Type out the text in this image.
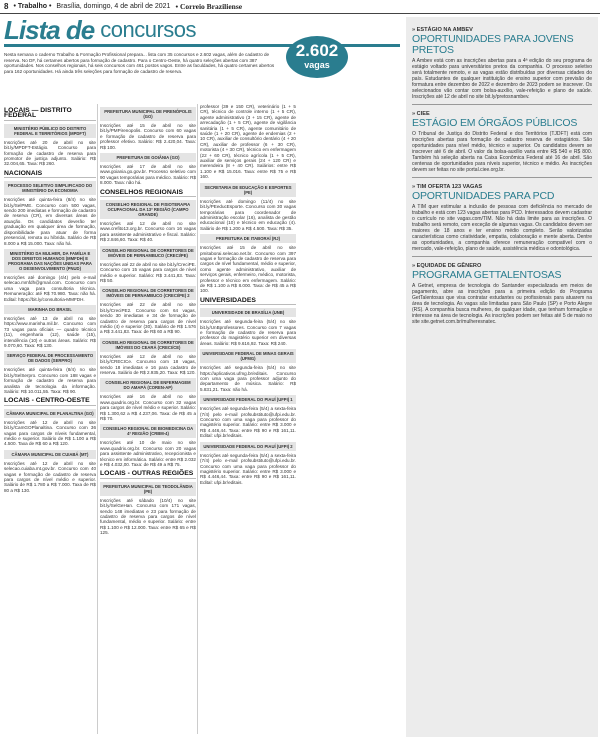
8 • Trabalho • Brasília, domingo, 4 de abril de 2021 • Correio Braziliense
Lista de concursos
2.602
vagas
Nesta semana o caderno Trabalho & Formação Profissional prepara... lista com 35 concursos e 2.602 vagas, além de cadastro de reserva. No DF, há certames abertos para formação de cadastro. Para o Centro-Oeste, há quatro seleções abertas com 387 oportunidades. Nos conselhos regionais, há seis concursos com 461 postos vagos. Entre as faculdades, há quatro certames abertos para 162 oportunidades. Há ainda três seleções para formação de cadastro de reserva.
LOCAIS — DISTRITO FEDERAL
MINISTÉRIO PÚBLICO DO DISTRITO FEDERAL E TERRITÓRIOS (MPDFT)
Inscrições até 20 de abril no site bit.ly/MPDFT-Estágio. Concurso para formação de cadastro de reserva para promotor de justiça adjunto. Salário: R$ 32.004,65. Taxa: R$ 260.
NACIONAIS
PROCESSO SELETIVO SIMPLIFICADO DO MINISTÉRIO DA ECONOMIA
Inscrições até quinta-feira (8/4) no site bit.ly/SelPME. Concurso com 500 vagas, sendo 200 imediatas e formação de cadastro de reserva (CR), em diversas áreas de atuação. Os candidatos deverão ter graduação em qualquer área de formação, disponibilidade para atuar de forma presencial, remota ou híbrida. Salário de R$ 8.000 a R$ 15.000. Taxa: não há.
MINISTÉRIO DA MULHER, DA FAMÍLIA E DOS DIREITOS HUMANOS (MMFDH) E PROGRAMA DAS NAÇÕES UNIDAS PARA O DESENVOLVIMENTO (PNUD)
Inscrições até domingo (4/4) pelo e-mail selecao.mmfdh@gmail.com. Concurso com uma vaga para consultoria técnica. Remuneração: até R$ 70.980. Taxa: não há. Edital: https://bit.ly/consultoria-MMFDH.
MARINHA DO BRASIL
Inscrições até 13 de abril no site https://www.marinha.mil.br. Concurso com 73 vagas para oficiais — quadro técnico (11), engenharia (12), saúde (15), intendência (10) e outras áreas. Salário: R$ 9.070,60. Taxa: R$ 130.
SERVIÇO FEDERAL DE PROCESSAMENTO DE DADOS (SERPRO)
Inscrições até quinta-feira (8/4) no site bit.ly/SelSerpro. Concurso com 188 vagas e formação de cadastro de reserva para analista de tecnologia da informação. Salário: R$ 10.011,55. Taxa: R$ 90.
LOCAIS - CENTRO-OESTE
CÂMARA MUNICIPAL DE PLANALTINA (GO)
Inscrições até 12 de abril no site bit.ly/CamGOPlanaltina. Concurso com 36 vagas para cargos de níveis fundamental, médio e superior. Salário de R$ 1.100 a R$ 4.500. Taxa de R$ 60 a R$ 120.
CÂMARA MUNICIPAL DE CUIABÁ (MT)
Inscrições até 12 de abril no site selecao.cuiaba.mt.gov.br. Concurso com 40 vagas e formação de cadastro de reserva para cargos de nível médio e superior. Salário de R$ 1.780 a R$ 7.000. Taxa de R$ 80 a R$ 130.
PREFEITURA MUNICIPAL DE PIRENÓPOLIS (GO)
Inscrições até 15 de abril no site bit.ly/PMPirenopolis. Concurso com 60 vagas e formação de cadastro de reserva para professor efetivo. Salário: R$ 2.420,04. Taxa: R$ 100.
PREFEITURA DE GOIÂNIA (GO)
Inscrições até 17 de abril no site www.goiania.go.gov.br. Processo seletivo com 90 vagas temporárias para médico. Salário: R$ 8.000. Taxa: não há.
CONSELHOS REGIONAIS
CONSELHO REGIONAL DE FISIOTERAPIA OCUPACIONAL DA 13ª REGIÃO (CAMPO GRANDE)
Inscrições até 12 de abril no site www.crefito13.org.br. Concurso com 16 vagas para assistente administrativo e fiscal. Salário: R$ 2.846,60. Taxa: R$ 40.
CONSELHO REGIONAL DE CORRETORES DE IMÓVEIS DE PERNAMBUCO (CRECI/PE)
Inscrições até 22 de abril no site bit.ly/CreciPE. Concurso com 15 vagas para cargos de nível médio e superior. Salário: R$ 3.441,83. Taxa: R$ 50.
CONSELHO REGIONAL DE CORRETORES DE IMÓVEIS DE PERNAMBUCO (CRECI/PE) 2
Inscrições até 22 de abril no site bit.ly/CreciPE2. Concurso com 64 vagas, sendo 30 imediatas e 34 de formação de cadastro de reserva para cargos de nível médio (4) e superior (30). Salário de R$ 1.576 a R$ 3.441,83. Taxa: de R$ 60 a R$ 90.
CONSELHO REGIONAL DE CORRETORES DE IMÓVEIS DO CEARÁ (CRECI/CE)
Inscrições até 12 de abril no site bit.ly/CRECICe. Concurso com 18 vagas, sendo 18 imediatas e 16 para cadastro de reserva. Salário de R$ 2.935,20. Taxa: R$ 120.
CONSELHO REGIONAL DE ENFERMAGEM DO AMAPÁ (COREN-AP)
Inscrições até 16 de abril no site www.quadrix.org.br. Concurso com 32 vagas para cargos de nível médio e superior. Salário: R$ 1.300,62 a R$ 4.237,06. Taxa: de R$ 45 a R$ 70.
CONSELHO REGIONAL DE BIOMEDICINA DA 4ª REGIÃO (CRBM-4)
Inscrições até 10 de maio no site www.quadrix.org.br. Concurso com 20 vagas para assistente administrativo, recepcionista e técnico em informática. Salário: entre R$ 2.032 e R$ 4.032,00. Taxa: de R$ 49 a R$ 75.
LOCAIS - OUTRAS REGIÕES
PREFEITURA MUNICIPAL DE TEODOLÂNDIA (PE)
Inscrições até sábado (10/4) no site bit.ly/SelGeHan. Concurso com 171 vagas, sendo 148 imediatas e 23 para formação de cadastro de reserva para cargos de nível fundamental, médio e superior. Salário: entre R$ 1.100 e R$ 12.000. Taxa: entre R$ 65 e R$ 125.
professor (39 e 150 CR), veterinário (1 + 5 CR), técnico de controle interno (1 + 5 CR), agente administrativo (3 + 15 CR), agente de arrecadação (1 + 5 CR), agente de vigilância sanitária (1 + 5 CR), agente comunitário de saúde (1 + 20 CR), agente de endemias (2 + 10 CR), auxiliar de consultório dentário (4 + 20 CR), auxiliar de professor (6 + 30 CR), motorista (4 + 30 CR), técnico em enfermagem (22 + 60 CR), técnico agrícola (1 + 5 CR), auxiliar de serviços gerais (24 + 120 CR) e merendeira (8 + 40 CR). Salários: entre R$ 1.100 e R$ 15.016. Taxa: entre R$ 75 e R$ 160.
SECRETARIA DE EDUCAÇÃO E ESPORTES (PE)
Inscrições até domingo (11/4) no site bit.ly/PEeducEsporte. Concurso com 30 vagas temporárias para coordenador de administração escolar (16), analista de gestão educacional (10) e técnico em educação (4). Salário de R$ 1.200 a R$ 4.500. Taxa: R$ 35.
PREFEITURA DE ITABORAÍ (RJ)
Inscrições até 15 de abril no site pmitaborai.selecao.net.br. Concurso com 397 vagas e formação de cadastro de reserva para cargos de nível fundamental, médio e superior, como agente administrativo, auxiliar de serviços gerais, enfermeiro, médico, motorista, professor e técnico em enfermagem. Salário: de R$ 1.100 a R$ 8.000. Taxa: de R$ 45 a R$ 100.
UNIVERSIDADES
UNIVERSIDADE DE BRASÍLIA (UNB)
Inscrições até segunda-feira (5/4) no site bit.ly/UnBprofessores. Concurso com 7 vagas e formação de cadastro de reserva para professor do magistério superior em diversas áreas. Salário: R$ 9.616,92. Taxa: R$ 240.
UNIVERSIDADE FEDERAL DE MINAS GERAIS (UFMG)
Inscrições até segunda-feira (5/4) no site https://aplicativos.ufmg.br/editais. Concurso com uma vaga para professor adjunto do departamento de música. Salário: R$ 5.831,21. Taxa: não há.
UNIVERSIDADE FEDERAL DO PIAUÍ (UFPI) 1
Inscrições até segunda-feira (5/4) a sexta-feira (7/4) pelo e-mail profsubstituto@ufpi.edu.br. Concurso com uma vaga para professor do magistério superior. Salário: entre R$ 3.000 e R$ 4.446,44. Taxa: entre R$ 90 e R$ 161,11. Edital: ufpi.br/editais.
UNIVERSIDADE FEDERAL DO PIAUÍ (UFPI) 2
Inscrições até segunda-feira (5/4) a sexta-feira (7/4) pelo e-mail profsubstituto@ufpi.edu.br. Concurso com uma vaga para professor do magistério superior. Salário: entre R$ 3.000 e R$ 4.446,44. Taxa: entre R$ 90 e R$ 161,11. Edital: ufpi.br/editais.
» ESTÁGIO NA AMBEV
OPORTUNIDADES PARA JOVENS PRETOS
A Ambev está com as inscrições abertas para a 4ª edição do seu programa de estágio voltado para universitários pretos da companhia. O processo seletivo será totalmente remoto, e as vagas estão distribuídas por diversas cidades do país. Estudantes de qualquer instituição de ensino superior com previsão de formatura entre dezembro de 2022 e dezembro de 2023 podem se inscrever. Os selecionados vão contar com bolsa-auxílio, vale-refeição e plano de saúde. Inscrições até 12 de abril no site bit.ly/pretosnambev.
» CIEE
ESTÁGIO EM ÓRGÃOS PÚBLICOS
O Tribunal de Justiça do Distrito Federal e dos Territórios (TJDFT) está com inscrições abertas para formação de cadastro reserva de estagiários. São oportunidades para nível médio, técnico e superior. Os candidatos devem se inscrever até 6 de abril. O valor da bolsa-auxílio varia entre R$ 540 e R$ 800. Também há seleção aberta na Caixa Econômica Federal até 16 de abril. São centenas de oportunidades para níveis superior, técnico e médio. As inscrições devem ser feitas no site portal.ciee.org.br.
» TIM OFERTA 123 VAGAS
OPORTUNIDADES PARA PCD
A TIM quer estimular a inclusão de pessoas com deficiência no mercado de trabalho e está com 123 vagas abertas para PCD. Interessados devem cadastrar o currículo no site vagas.com/TIM. Não há data limite para as inscrições. O trabalho será remoto, com exceção de algumas vagas. Os candidatos devem ser maiores de 18 anos e ter ensino médio completo. Serão valorizadas características como criatividade, empatia, colaboração e mente aberta. Dentre as oportunidades, a companhia oferece remuneração compatível com o mercado, vale-refeição, plano de saúde, assistência médica e odontológica.
» EQUIDADE DE GÊNERO
PROGRAMA GETTALENTOSAS
A Getnet, empresa de tecnologia do Santander especializada em meios de pagamento, abre as inscrições para a primeira edição do Programa GetTalentosas que visa contratar estudantes ou profissionais para atuarem na área de tecnologia. As vagas são limitadas para São Paulo (SP) e Porto Alegre (RS). A companhia busca mulheres, de qualquer idade, que tenham formação e interesse na área de tecnologia. As inscrições podem ser feitas até 5 de maio no site site.getnet.com.br/mulheresnatec.
